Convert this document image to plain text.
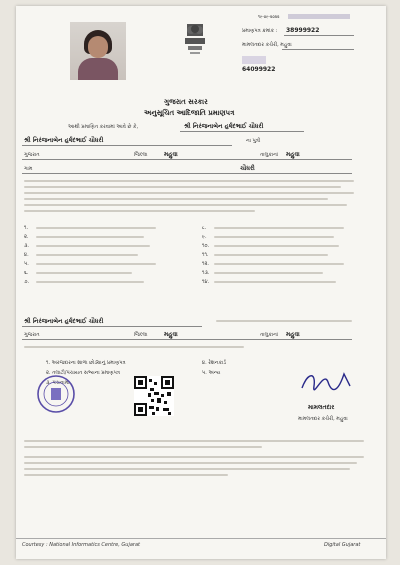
૧૯-૦૯-૨૦૨૨
પ્રમાણપત્ર ક્રમાંક : 38999922
મામલતદાર કચેરી, મહુવા
64099922
ગુજરાત સરકાર
અનુસૂચિત આદિજાતિ પ્રમાણપત્ર
આથી પ્રમાણિત કરવામાં આવે છે કે,	શ્રી નિરંજનાબેન હર્ષદભાઈ ચૌધરી
શ્રી નિરંજનાબેન હર્ષદભાઈ ચૌધરી	ના પુત્રી
ગુજરાત	જિલ્લા	મહુવા	તાલુકાનાં મહુવા
ગામ	ચૌધરી
૧.
૨.
૩.
૪.
૫.
૬.
૭.
૮.
૯.
૧૦.
૧૧.
૧૨.
૧૩.
૧૪.
શ્રી નિરંજનાબેન હર્ષદભાઈ ચૌધરી
ગુજરાત	જિલ્લા	મહુવા	તાલુકાનાં મહુવા
૧. અરજદારના શાળા છોડ્યાનું પ્રમાણપત્ર
૨. તલાટી/પંચાયત સભ્યના પ્રમાણપત્ર
૩. પંચનામા
૪. રેશનકાર્ડ
૫. અન્ય
મામલતદાર
મામલતદાર કચેરી, મહુવા
Courtesy : National Informatics Centre, Gujarat	Digital Gujarat
